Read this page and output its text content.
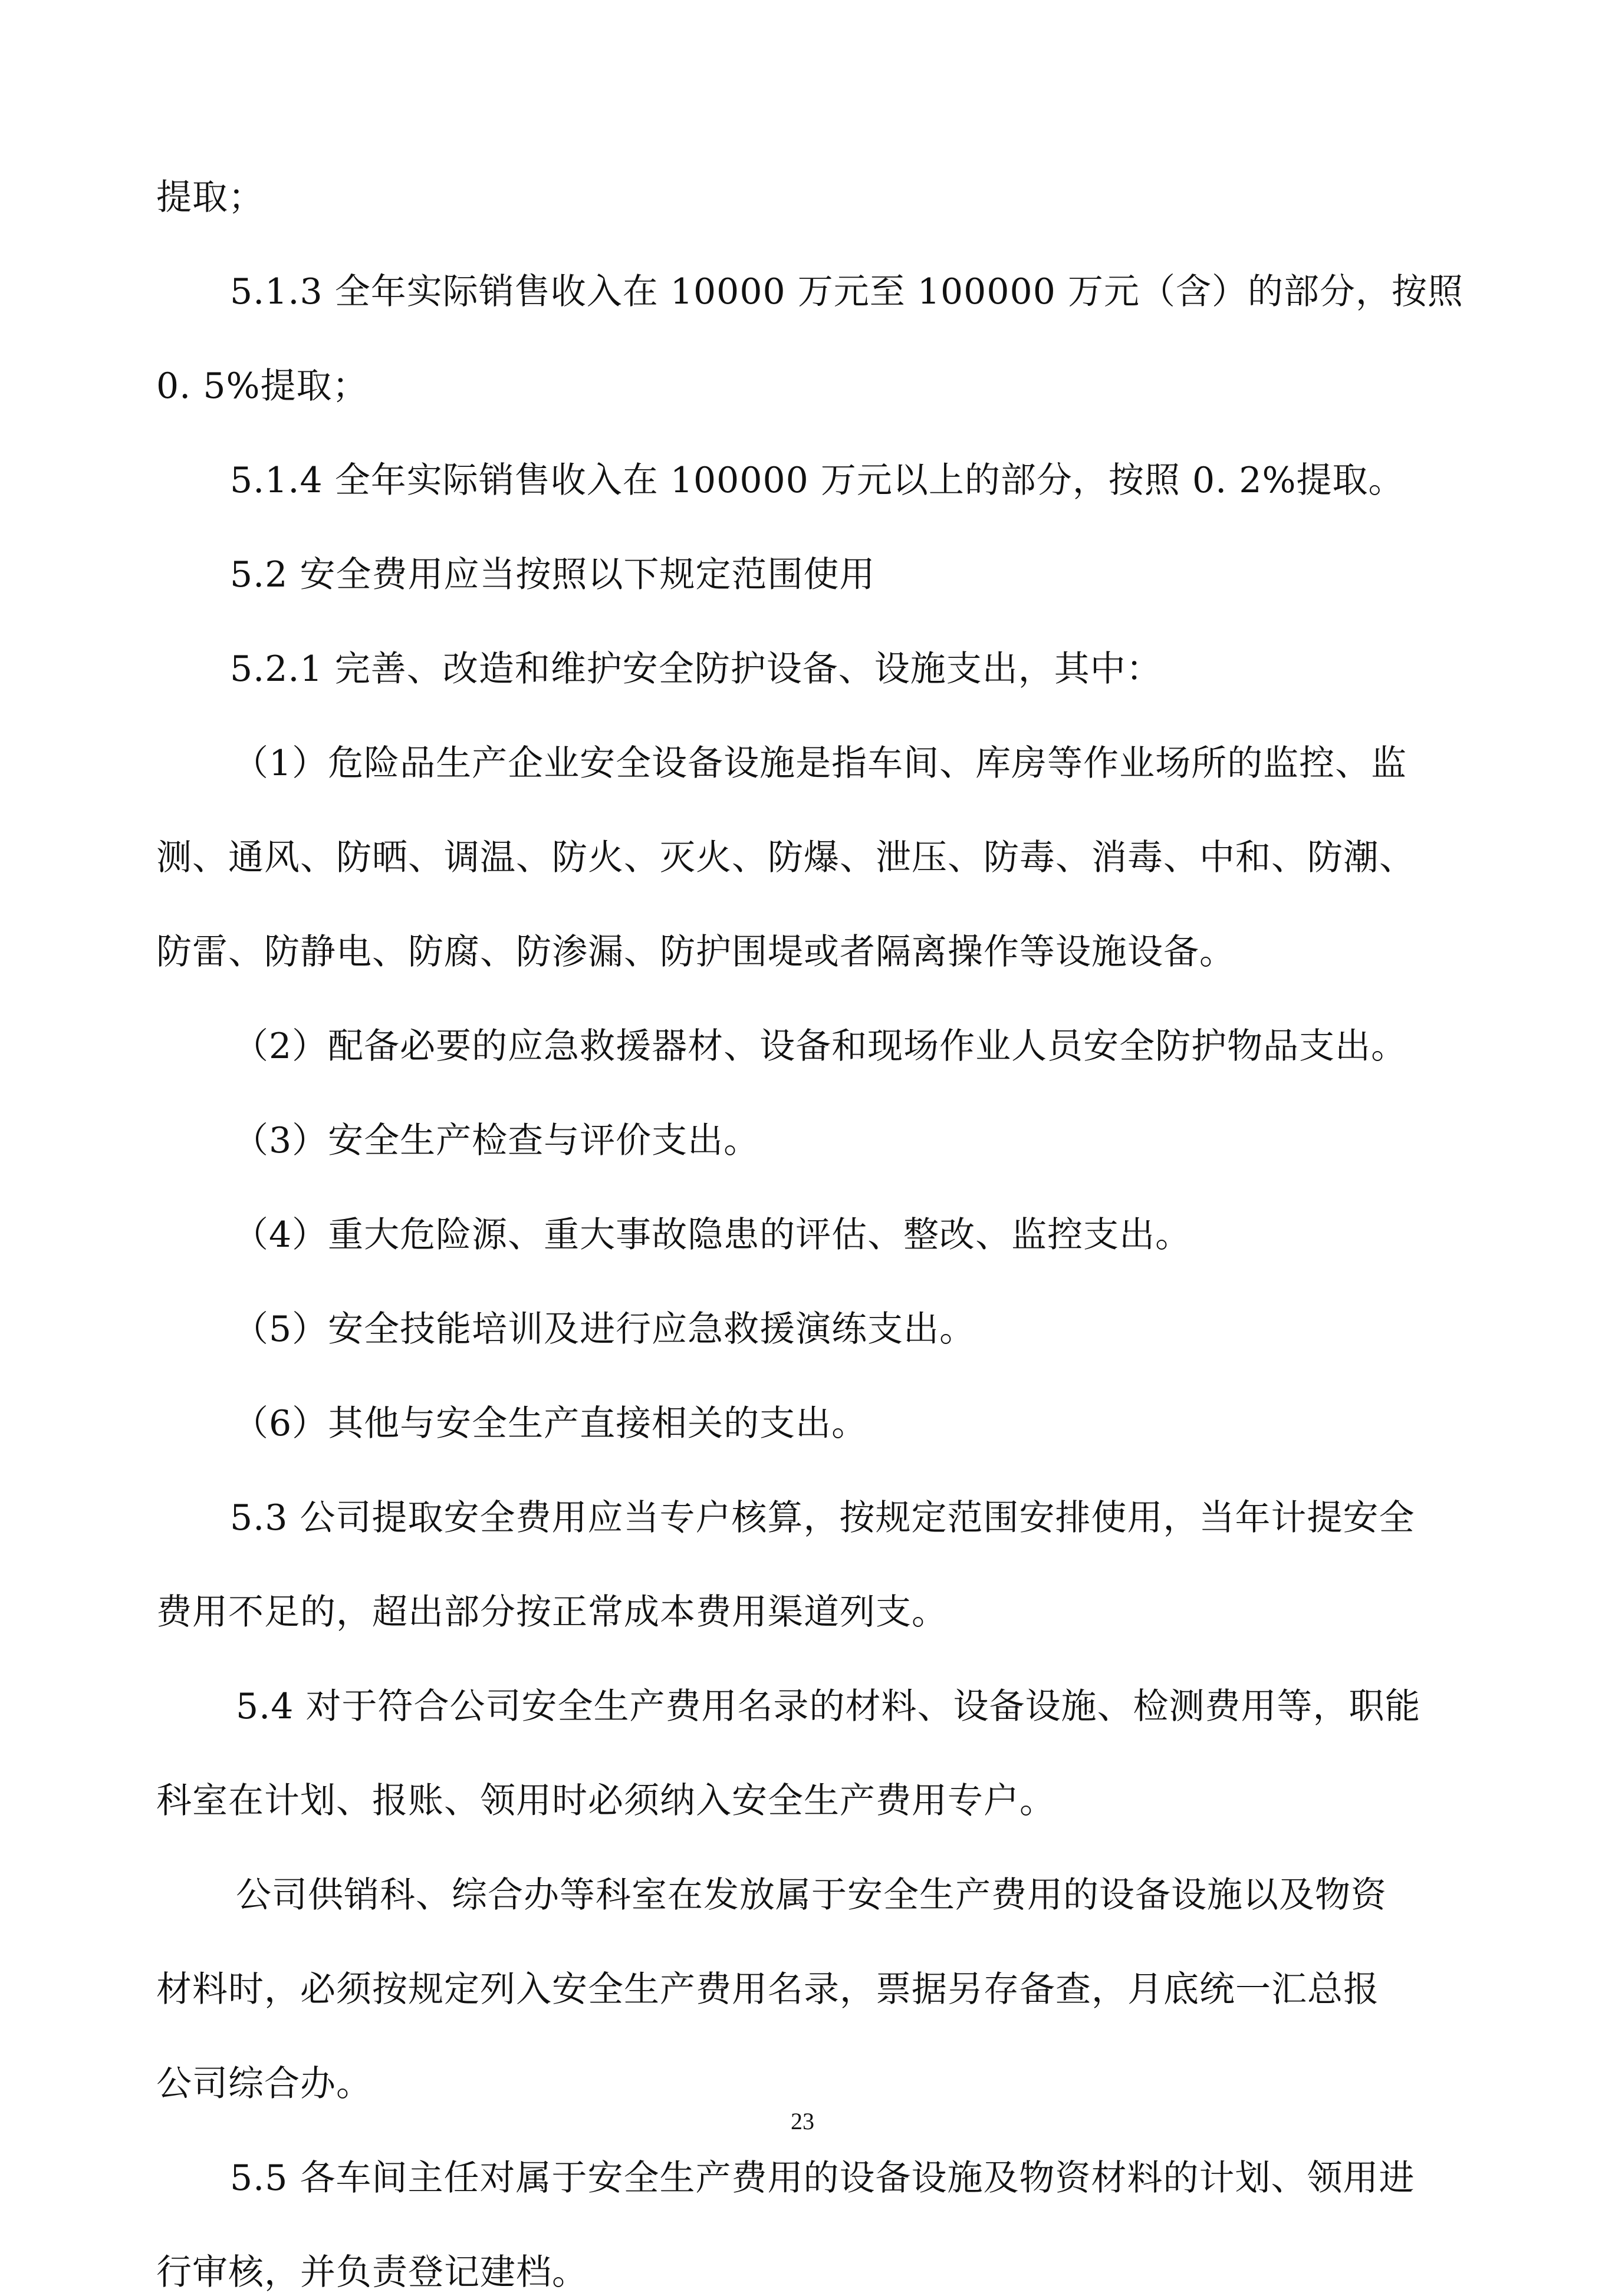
提取；
5.1.3 全年实际销售收入在 10000 万元至 100000 万元（含）的部分，按照
0. 5%提取；
5.1.4 全年实际销售收入在 100000 万元以上的部分，按照 0. 2%提取。
5.2 安全费用应当按照以下规定范围使用
5.2.1 完善、改造和维护安全防护设备、设施支出，其中：
（1）危险品生产企业安全设备设施是指车间、库房等作业场所的监控、监
测、通风、防晒、调温、防火、灭火、防爆、泄压、防毒、消毒、中和、防潮、
防雷、防静电、防腐、防渗漏、防护围堤或者隔离操作等设施设备。
（2）配备必要的应急救援器材、设备和现场作业人员安全防护物品支出。
（3）安全生产检查与评价支出。
（4）重大危险源、重大事故隐患的评估、整改、监控支出。
（5）安全技能培训及进行应急救援演练支出。
（6）其他与安全生产直接相关的支出。
5.3 公司提取安全费用应当专户核算，按规定范围安排使用，当年计提安全
费用不足的，超出部分按正常成本费用渠道列支。
5.4 对于符合公司安全生产费用名录的材料、设备设施、检测费用等，职能
科室在计划、报账、领用时必须纳入安全生产费用专户。
公司供销科、综合办等科室在发放属于安全生产费用的设备设施以及物资
材料时，必须按规定列入安全生产费用名录，票据另存备查，月底统一汇总报
公司综合办。
5.5 各车间主任对属于安全生产费用的设备设施及物资材料的计划、领用进
行审核，并负责登记建档。
23
